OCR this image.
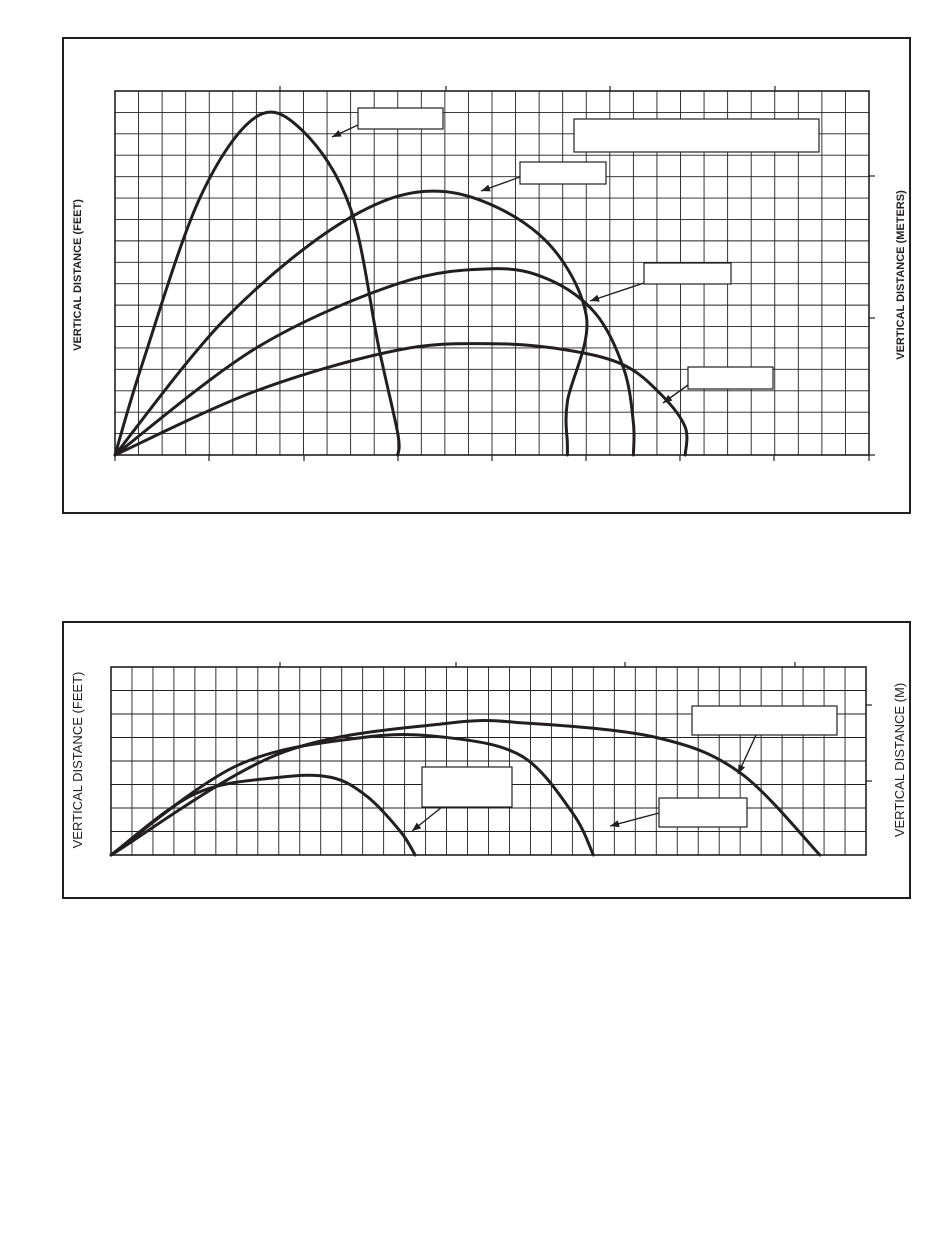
VERTICAL DISTANCE (FEET)	VERTICAL DISTANCE (METERS)
VERTICAL DISTANCE (FEET)	VERTICAL DISTANCE (M)
